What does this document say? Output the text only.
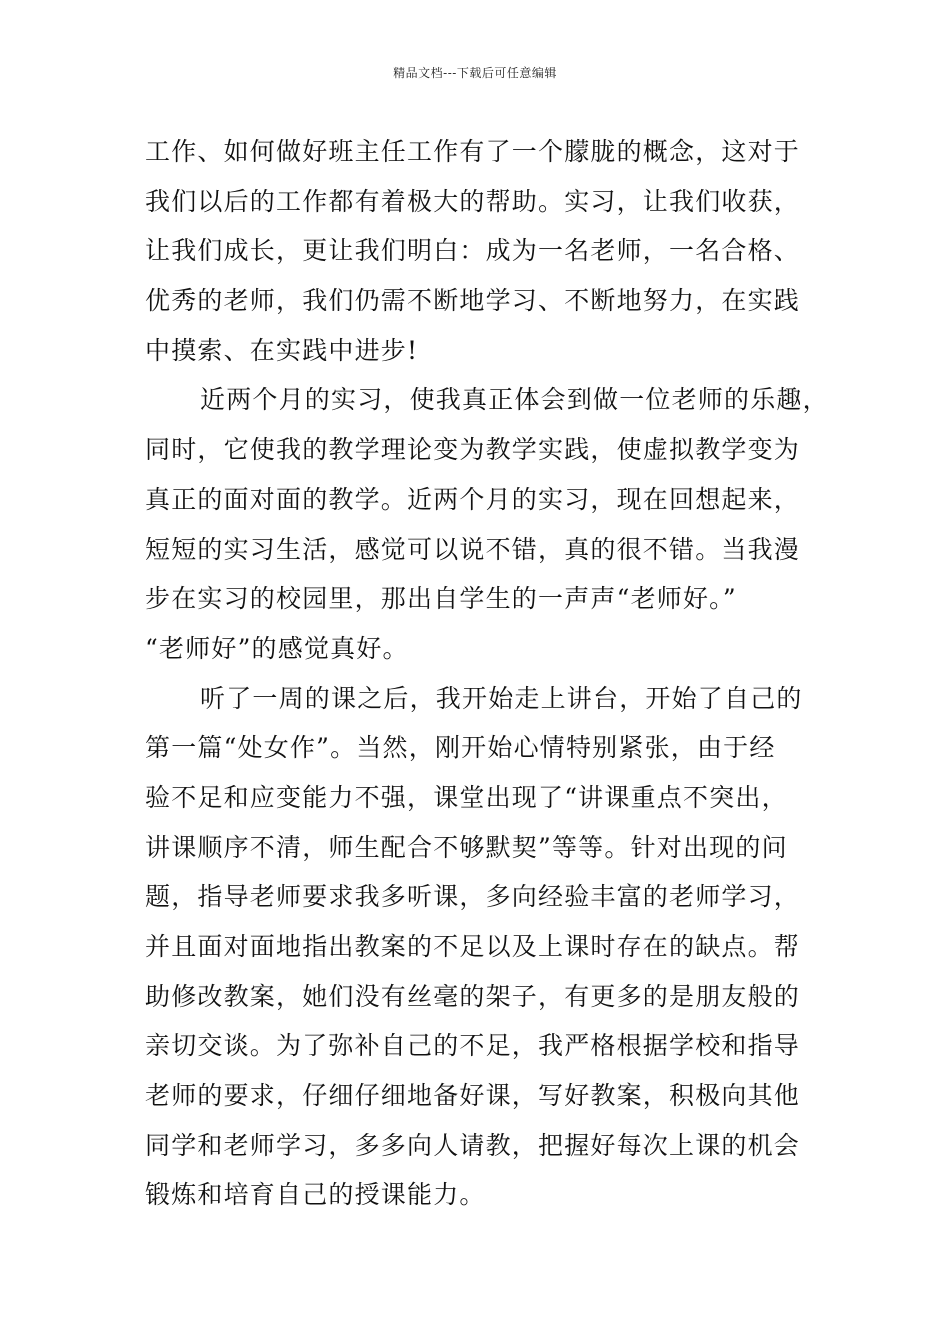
精品文档---下载后可任意编辑
工作、如何做好班主任工作有了一个朦胧的概念，这对于
我们以后的工作都有着极大的帮助。实习，让我们收获，
让我们成长，更让我们明白：成为一名老师，一名合格、
优秀的老师，我们仍需不断地学习、不断地努力，在实践
中摸索、在实践中进步!
近两个月的实习，使我真正体会到做一位老师的乐趣，
同时，它使我的教学理论变为教学实践，使虚拟教学变为
真正的面对面的教学。近两个月的实习，现在回想起来，
短短的实习生活，感觉可以说不错，真的很不错。当我漫
步在实习的校园里，那出自学生的一声声“老师好。”
“老师好”的感觉真好。
听了一周的课之后，我开始走上讲台，开始了自己的
第一篇“处女作”。当然，刚开始心情特别紧张，由于经
验不足和应变能力不强，课堂出现了“讲课重点不突出，
讲课顺序不清，师生配合不够默契”等等。针对出现的问
题，指导老师要求我多听课，多向经验丰富的老师学习，
并且面对面地指出教案的不足以及上课时存在的缺点。帮
助修改教案，她们没有丝毫的架子，有更多的是朋友般的
亲切交谈。为了弥补自己的不足，我严格根据学校和指导
老师的要求，仔细仔细地备好课，写好教案，积极向其他
同学和老师学习，多多向人请教，把握好每次上课的机会
锻炼和培育自己的授课能力。
